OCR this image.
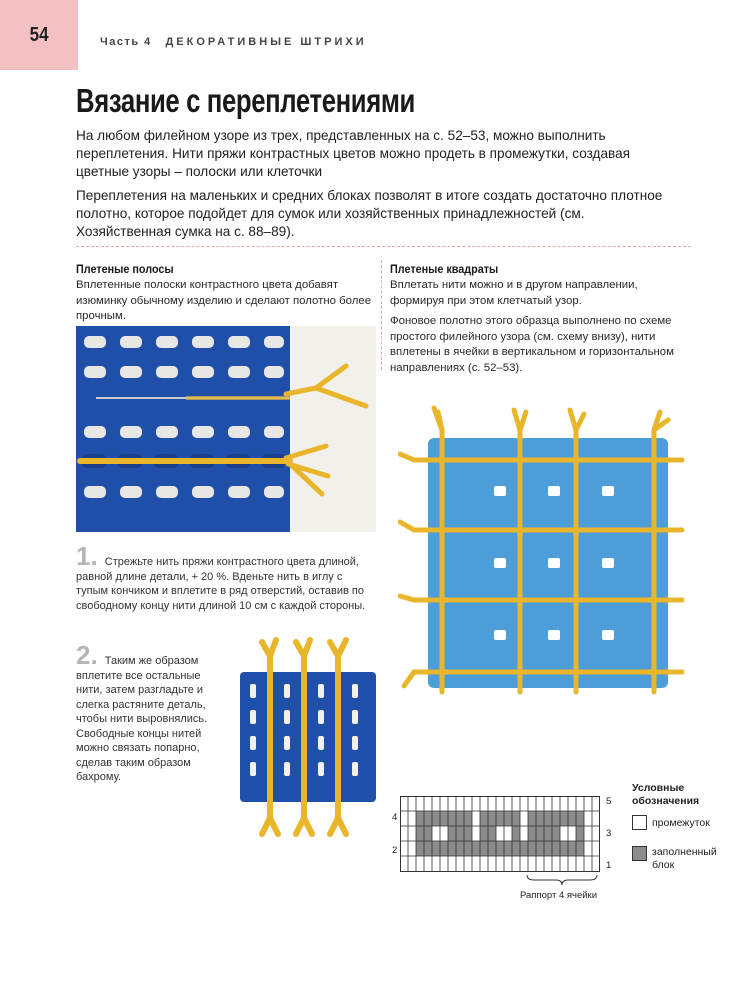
54	Часть 4 ДЕКОРАТИВНЫЕ ШТРИХИ
Вязание с переплетениями

На любом филейном узоре из трех, представленных на с. 52–53, можно выполнить переплетения. Нити пряжи контрастных цветов можно продеть в промежутки, создавая цветные узоры – полоски или клеточки

Переплетения на маленьких и средних блоках позволят в итоге создать достаточно плотное полотно, которое подойдет для сумок или хозяйственных принадлежностей (см. Хозяйственная сумка на с. 88–89).

Плетеные полосы
Вплетенные полоски контрастного цвета добавят изюминку обычному изделию и сделают полотно более прочным.
1. Стрежьте нить пряжи контрастного цвета длиной, равной длине детали, + 20 %. Вденьте нить в иглу с тупым кончиком и вплетите в ряд отверстий, оставив по свободному концу нити длиной 10 см с каждой стороны.
2. Таким же образом вплетите все остальные нити, затем разгладьте и слегка растяните деталь, чтобы нити выровнялись. Свободные концы нитей можно связать попарно, сделав таким образом бахрому.
Плетеные квадраты
Вплетать нити можно и в другом направлении, формируя при этом клетчатый узор.
Фоновое полотно этого образца выполнено по схеме простого филейного узора (см. схему внизу), нити вплетены в ячейки в вертикальном и горизонтальном направлениях (с. 52–53).
5
3
1
4
2
Раппорт 4 ячейки
Условные обозначения
промежуток
заполненный блок
